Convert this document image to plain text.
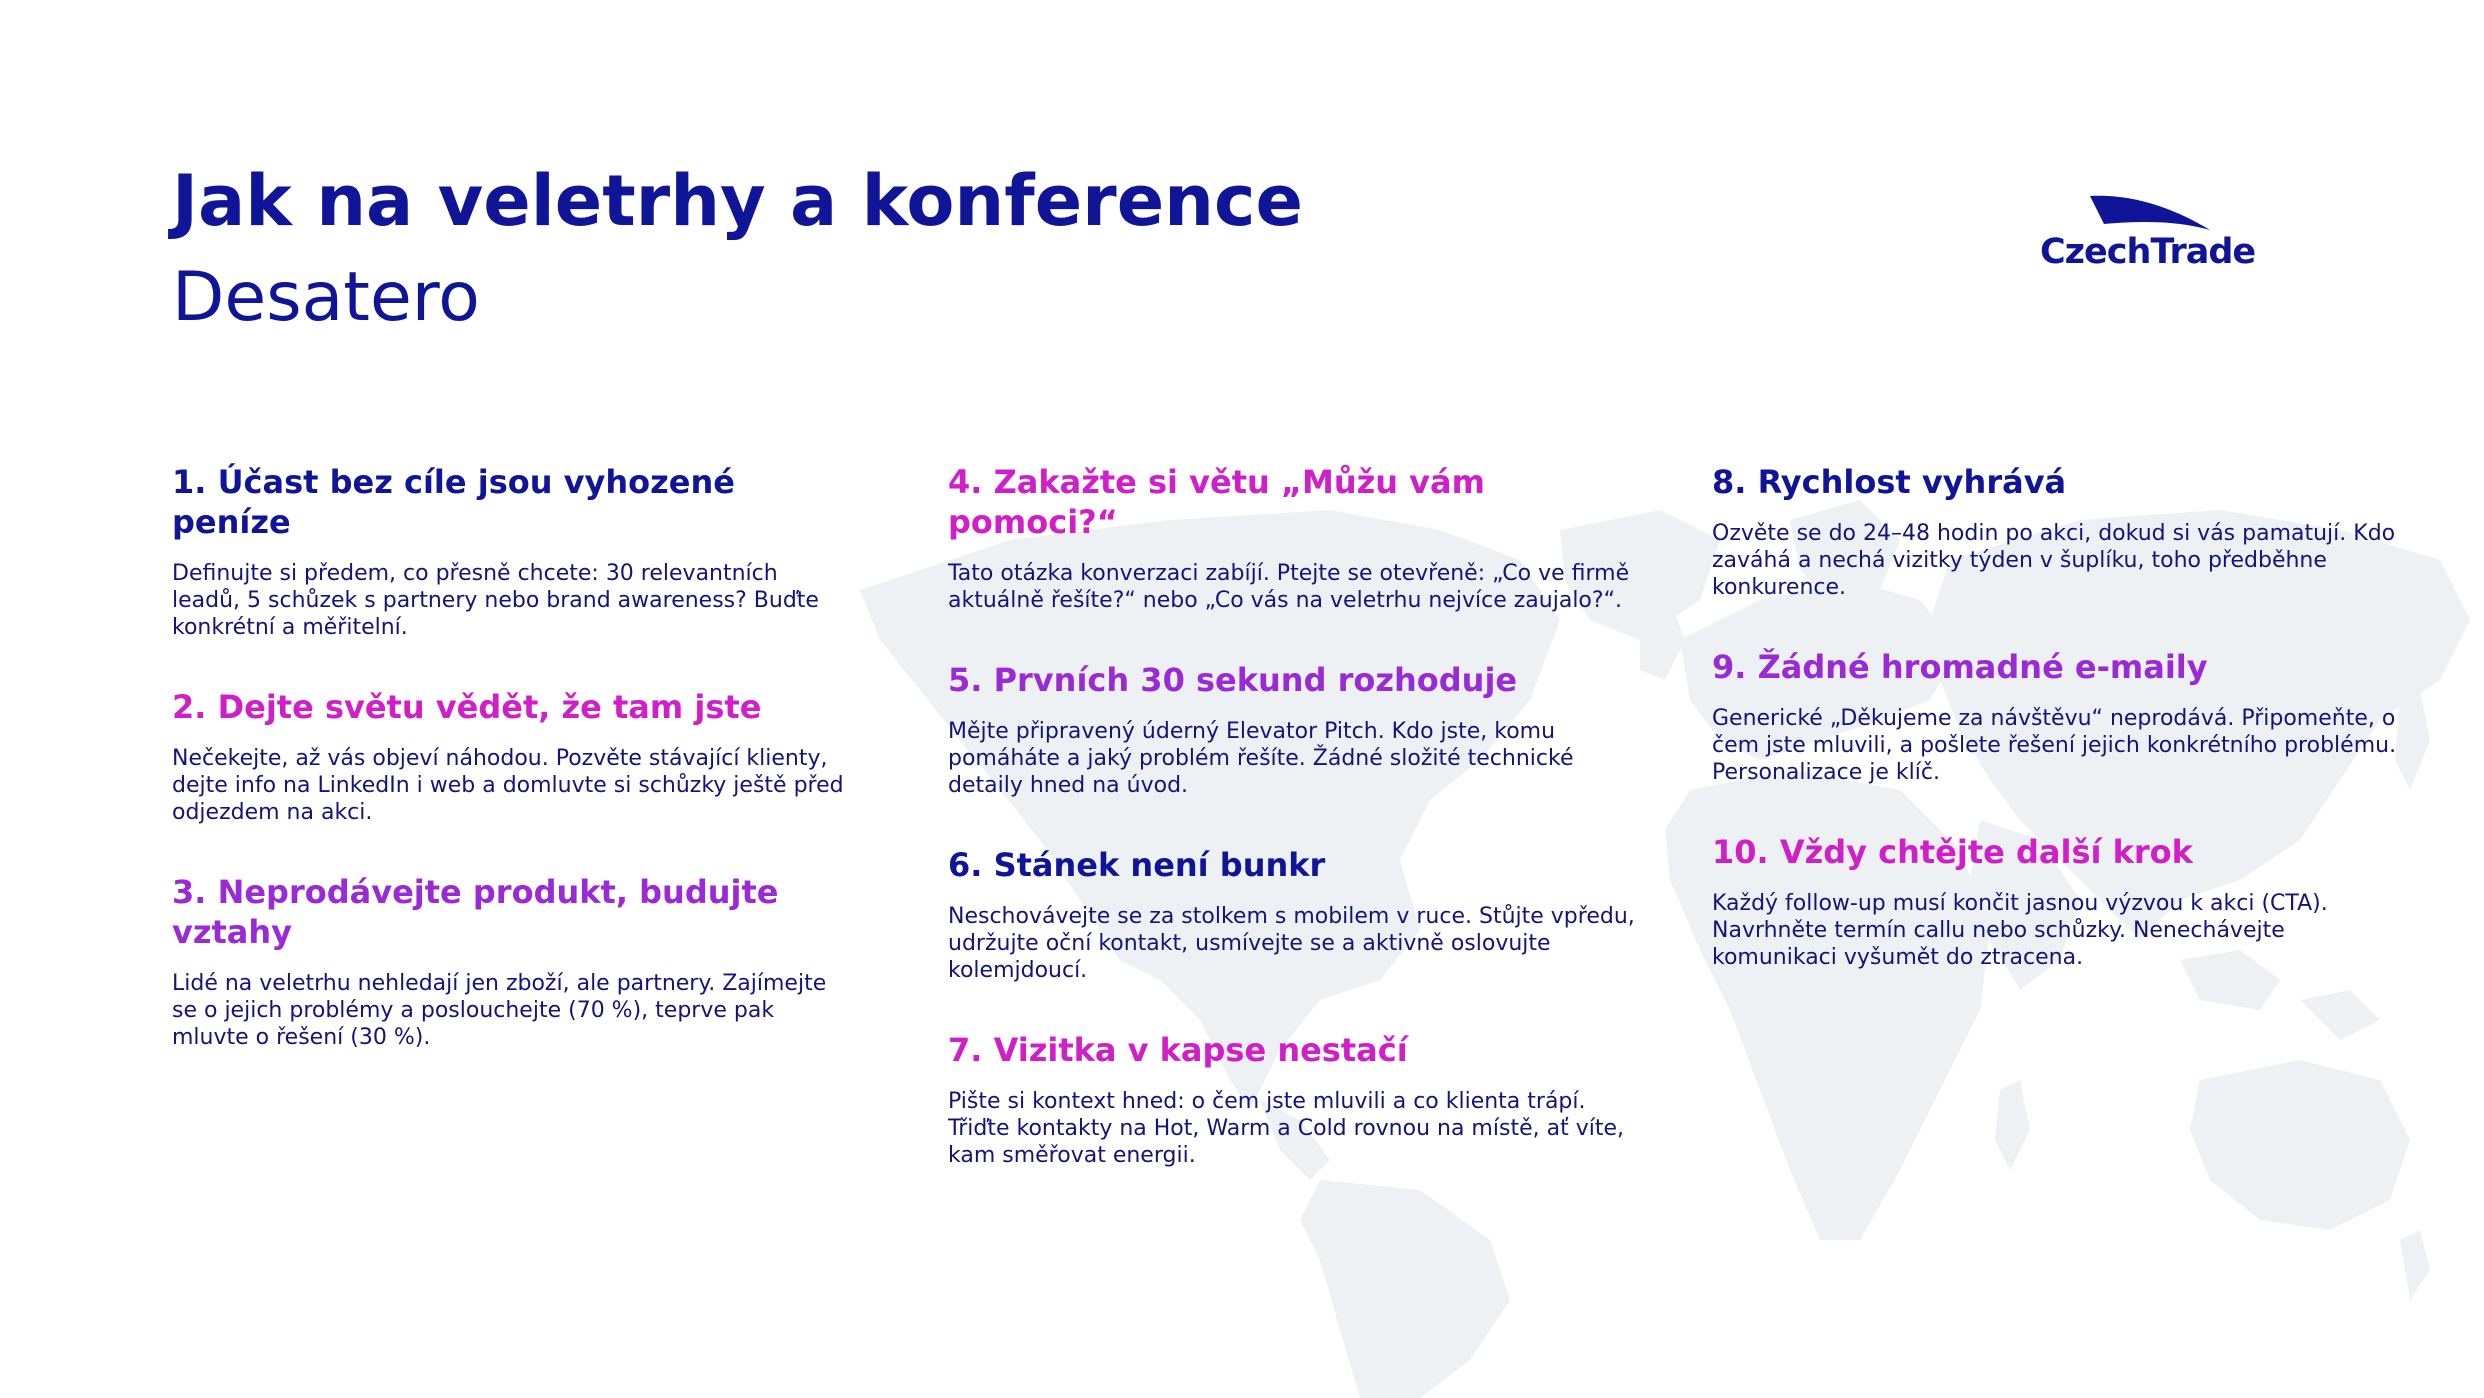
Jak na veletrhy a konference
Desatero
CzechTrade
1. Účast bez cíle jsou vyhozené peníze

Definujte si předem, co přesně chcete: 30 relevantních leadů, 5 schůzek s partnery nebo brand awareness? Buďte konkrétní a měřitelní.

2. Dejte světu vědět, že tam jste

Nečekejte, až vás objeví náhodou. Pozvěte stávající klienty, dejte info na LinkedIn i web a domluvte si schůzky ještě před odjezdem na akci.

3. Neprodávejte produkt, budujte vztahy

Lidé na veletrhu nehledají jen zboží, ale partnery. Zajímejte se o jejich problémy a poslouchejte (70 %), teprve pak mluvte o řešení (30 %).

4. Zakažte si větu „Můžu vám pomoci?“

Tato otázka konverzaci zabíjí. Ptejte se otevřeně: „Co ve firmě aktuálně řešíte?“ nebo „Co vás na veletrhu nejvíce zaujalo?“.

5. Prvních 30 sekund rozhoduje

Mějte připravený úderný Elevator Pitch. Kdo jste, komu pomáháte a jaký problém řešíte. Žádné složité technické detaily hned na úvod.

6. Stánek není bunkr

Neschovávejte se za stolkem s mobilem v ruce. Stůjte vpředu, udržujte oční kontakt, usmívejte se a aktivně oslovujte kolemjdoucí.

7. Vizitka v kapse nestačí

Pište si kontext hned: o čem jste mluvili a co klienta trápí. Třiďte kontakty na Hot, Warm a Cold rovnou na místě, ať víte, kam směřovat energii.

8. Rychlost vyhrává

Ozvěte se do 24–48 hodin po akci, dokud si vás pamatují. Kdo zaváhá a nechá vizitky týden v šuplíku, toho předběhne konkurence.

9. Žádné hromadné e-maily

Generické „Děkujeme za návštěvu“ neprodává. Připomeňte, o čem jste mluvili, a pošlete řešení jejich konkrétního problému. Personalizace je klíč.

10. Vždy chtějte další krok

Každý follow-up musí končit jasnou výzvou k akci (CTA). Navrhněte termín callu nebo schůzky. Nenechávejte komunikaci vyšumět do ztracena.
